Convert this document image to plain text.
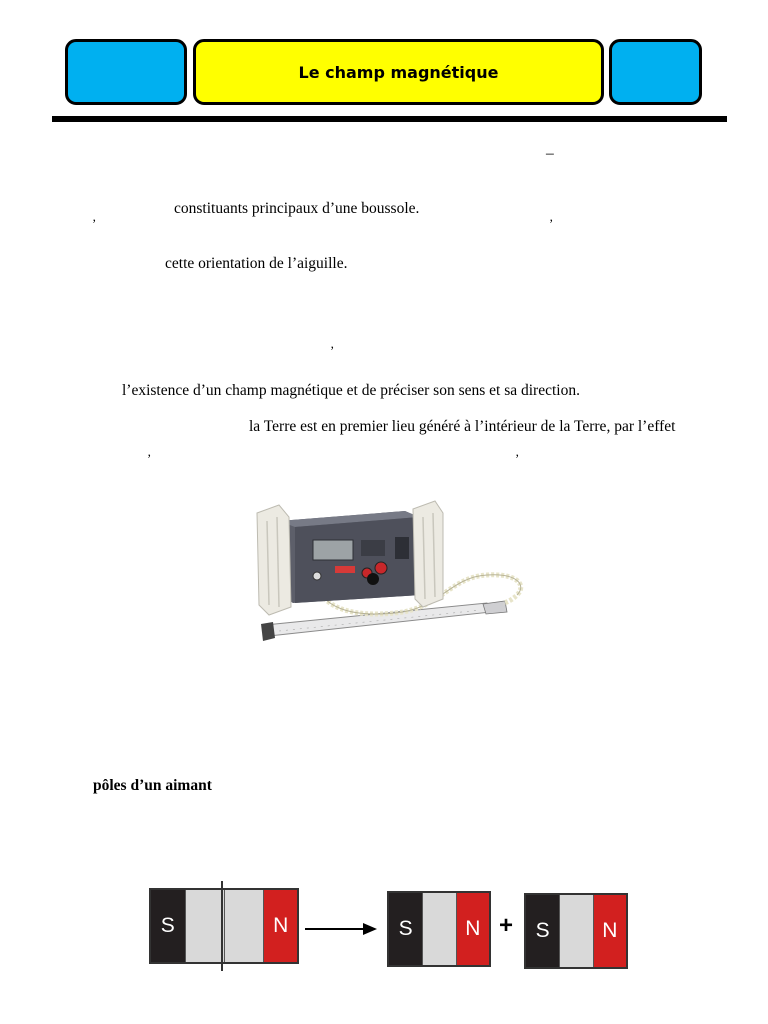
Le champ magnétique
–
constituants principaux d’une boussole.
’	’
cette orientation de l’aiguille.
’
l’existence d’un champ magnétique et de préciser son sens et sa direction.
la Terre est en premier lieu généré à l’intérieur de la Terre, par l’effet
’	’
pôles d’un aimant
S	N	S	N +	S	N
